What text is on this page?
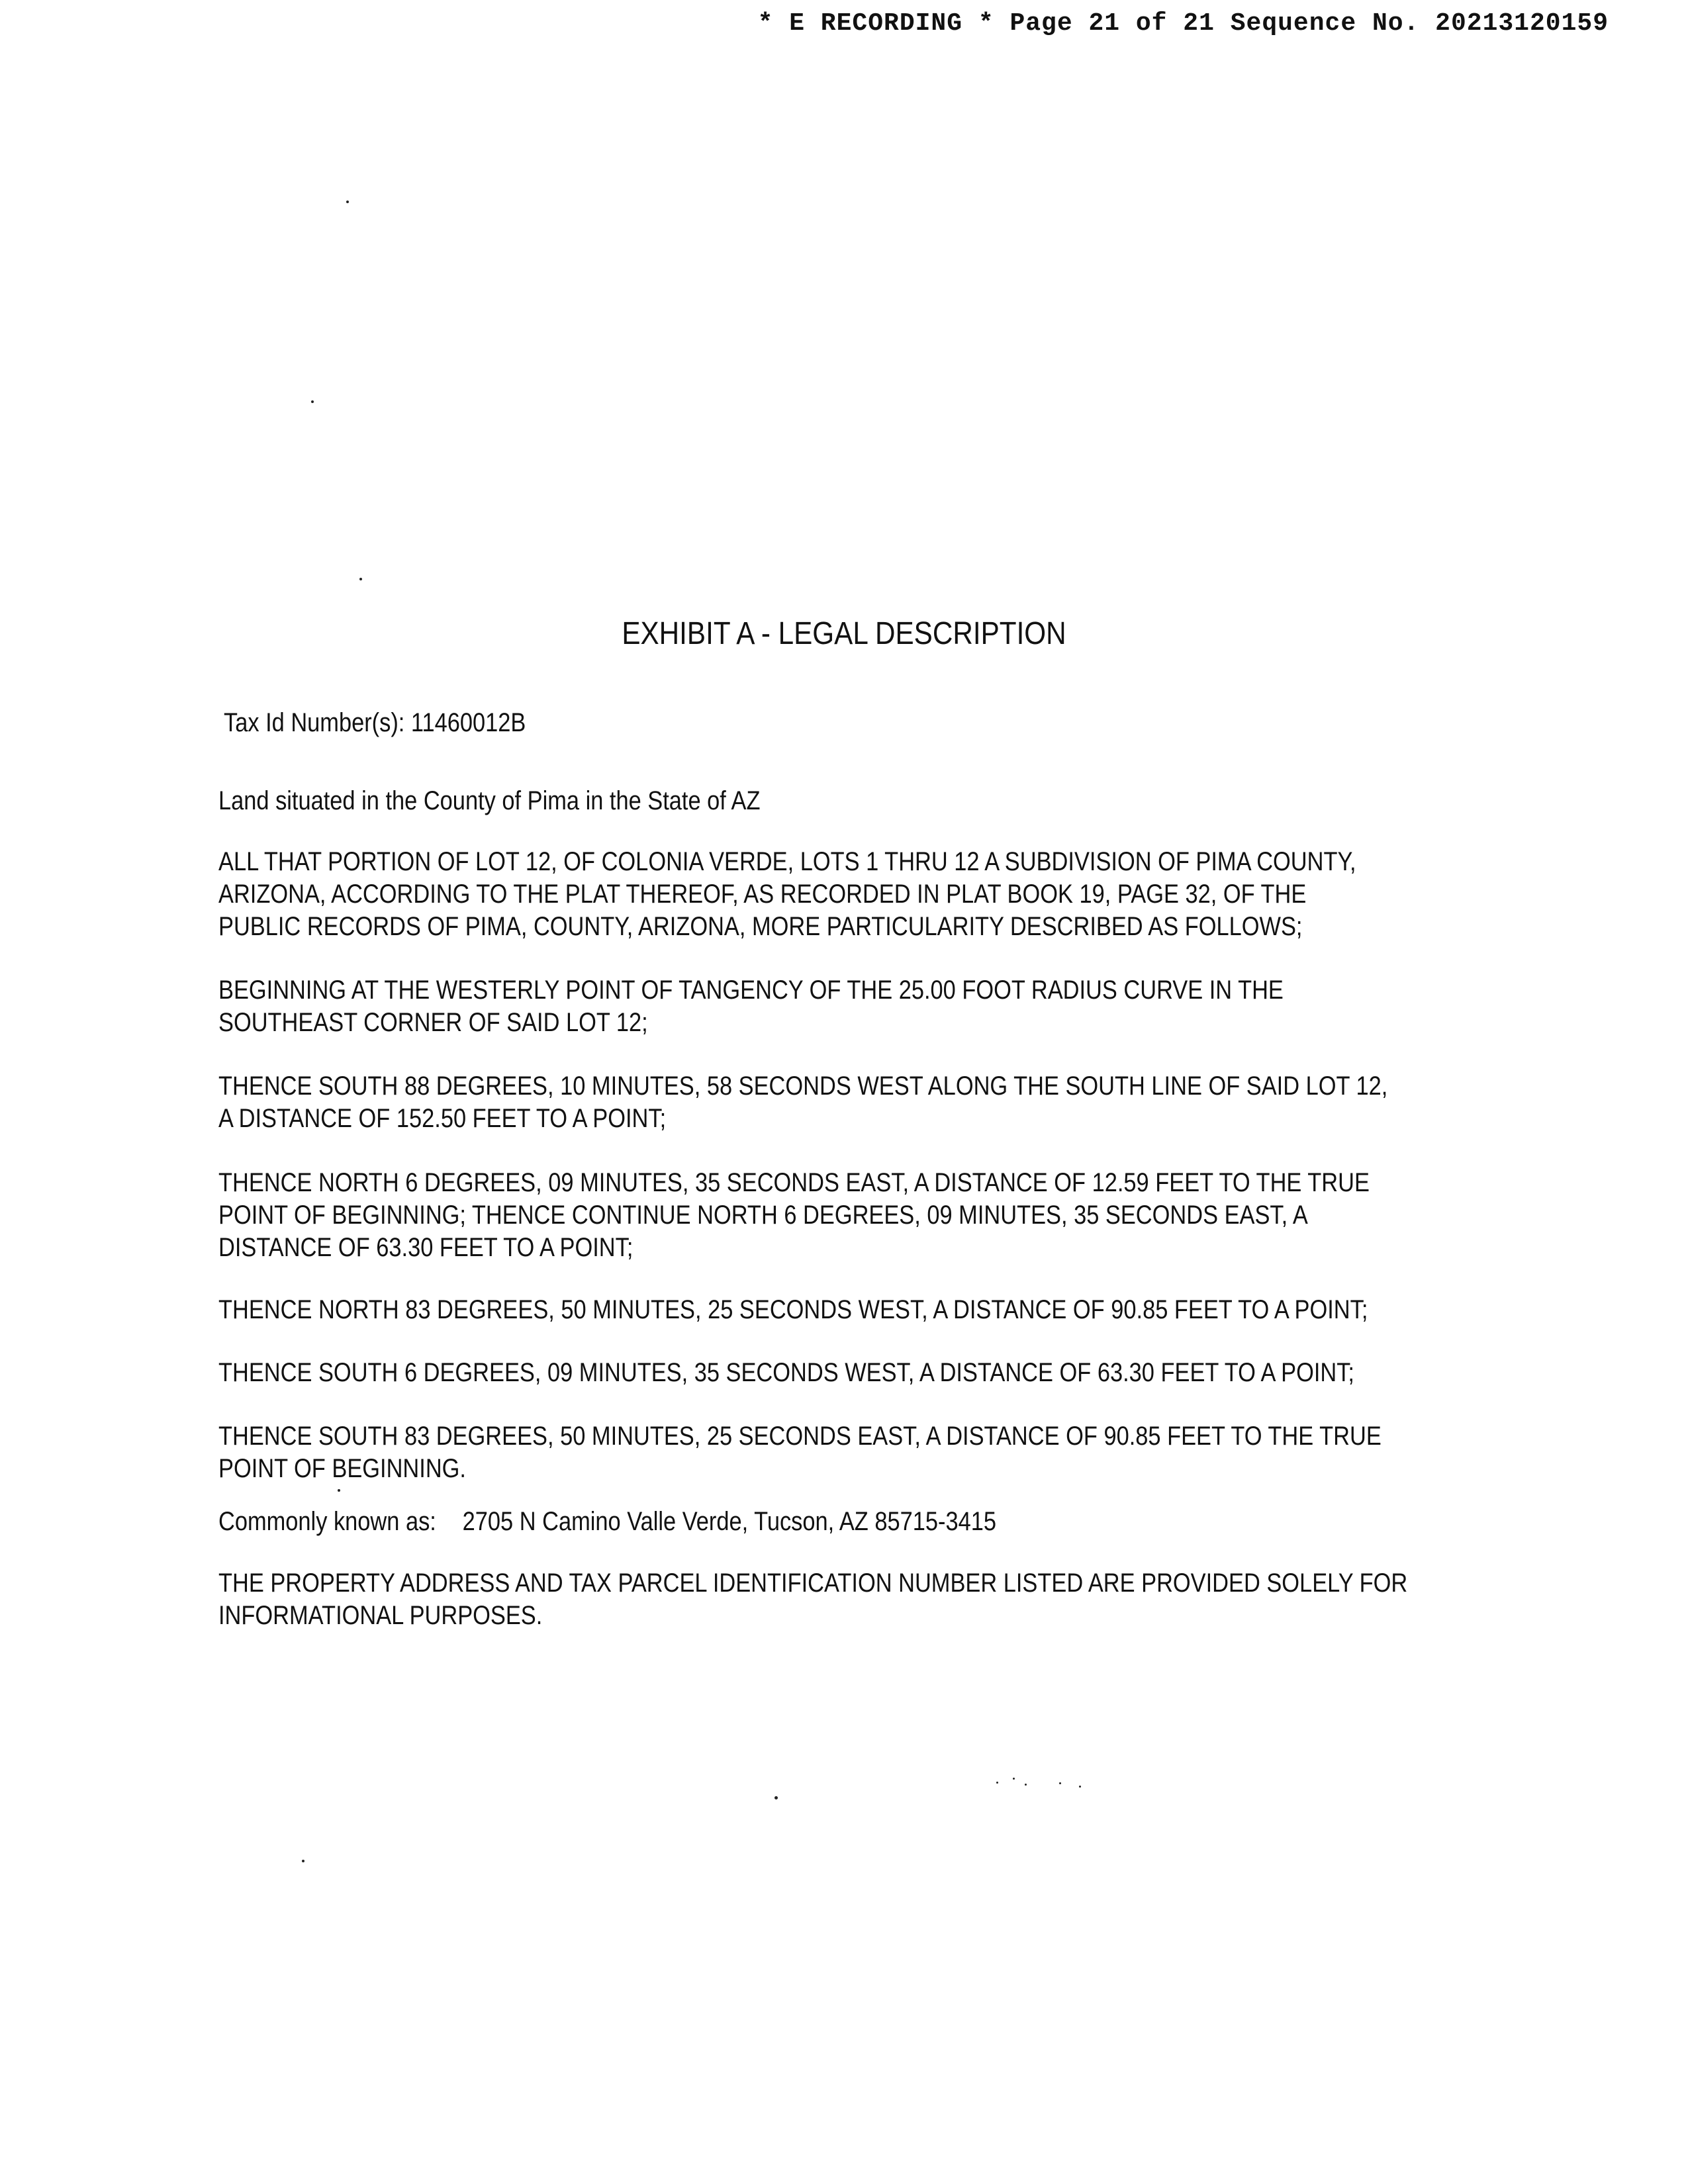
* E RECORDING * Page 21 of 21 Sequence No. 20213120159
EXHIBIT A - LEGAL DESCRIPTION
Tax Id Number(s): 11460012B
Land situated in the County of Pima in the State of AZ
ALL THAT PORTION OF LOT 12, OF COLONIA VERDE, LOTS 1 THRU 12 A SUBDIVISION OF PIMA COUNTY,
ARIZONA, ACCORDING TO THE PLAT THEREOF, AS RECORDED IN PLAT BOOK 19, PAGE 32, OF THE
PUBLIC RECORDS OF PIMA, COUNTY, ARIZONA, MORE PARTICULARITY DESCRIBED AS FOLLOWS;
BEGINNING AT THE WESTERLY POINT OF TANGENCY OF THE 25.00 FOOT RADIUS CURVE IN THE
SOUTHEAST CORNER OF SAID LOT 12;
THENCE SOUTH 88 DEGREES, 10 MINUTES, 58 SECONDS WEST ALONG THE SOUTH LINE OF SAID LOT 12,
A DISTANCE OF 152.50 FEET TO A POINT;
THENCE NORTH 6 DEGREES, 09 MINUTES, 35 SECONDS EAST, A DISTANCE OF 12.59 FEET TO THE TRUE
POINT OF BEGINNING; THENCE CONTINUE NORTH 6 DEGREES, 09 MINUTES, 35 SECONDS EAST, A
DISTANCE OF 63.30 FEET TO A POINT;
THENCE NORTH 83 DEGREES, 50 MINUTES, 25 SECONDS WEST, A DISTANCE OF 90.85 FEET TO A POINT;
THENCE SOUTH 6 DEGREES, 09 MINUTES, 35 SECONDS WEST, A DISTANCE OF 63.30 FEET TO A POINT;
THENCE SOUTH 83 DEGREES, 50 MINUTES, 25 SECONDS EAST, A DISTANCE OF 90.85 FEET TO THE TRUE
POINT OF BEGINNING.
Commonly known as: 2705 N Camino Valle Verde, Tucson, AZ 85715-3415
THE PROPERTY ADDRESS AND TAX PARCEL IDENTIFICATION NUMBER LISTED ARE PROVIDED SOLELY FOR
INFORMATIONAL PURPOSES.
